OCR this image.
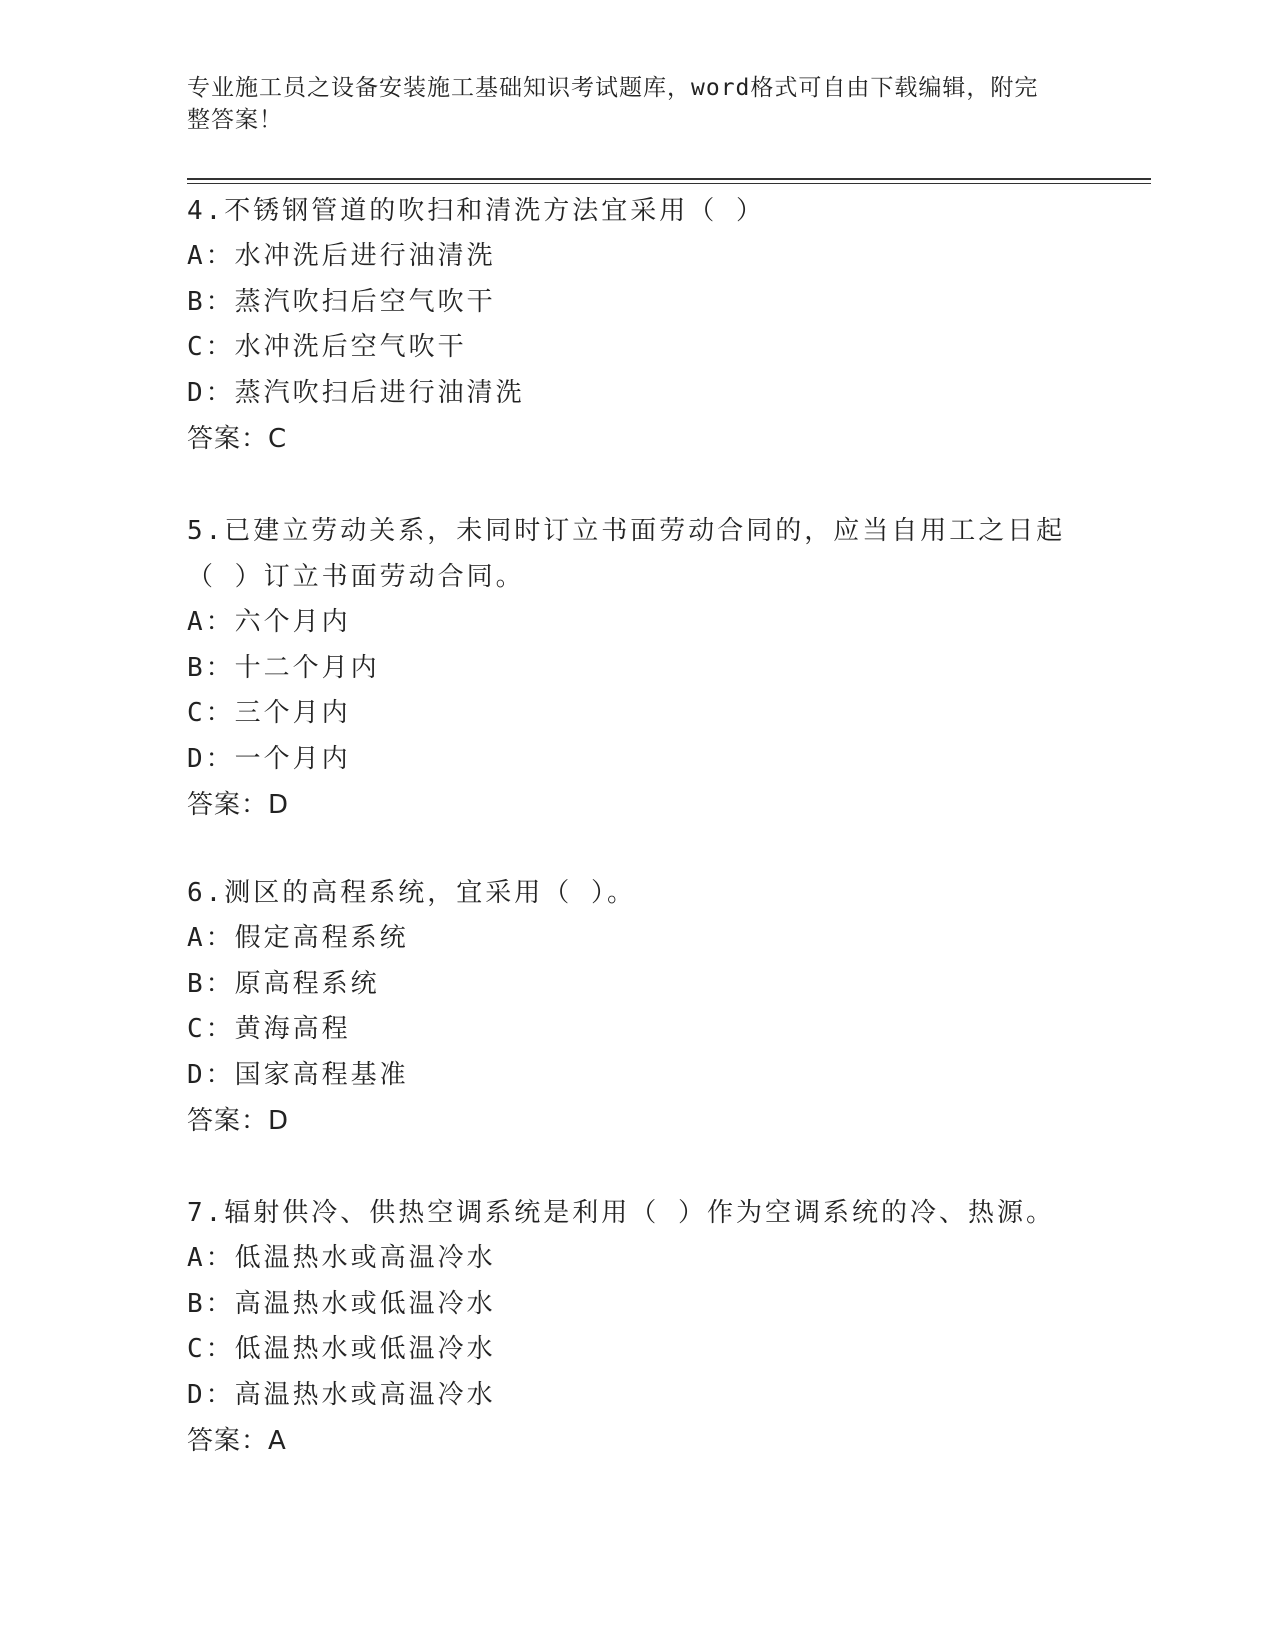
专业施工员之设备安装施工基础知识考试题库，word格式可自由下载编辑，附完
整答案！
4.不锈钢管道的吹扫和清洗方法宜采用（ ）
A：水冲洗后进行油清洗
B：蒸汽吹扫后空气吹干
C：水冲洗后空气吹干
D：蒸汽吹扫后进行油清洗
答案：C
5.已建立劳动关系，未同时订立书面劳动合同的，应当自用工之日起
（ ）订立书面劳动合同。
A：六个月内
B：十二个月内
C：三个月内
D：一个月内
答案：D
6.测区的高程系统，宜采用（ ）。
A：假定高程系统
B：原高程系统
C：黄海高程
D：国家高程基准
答案：D
7.辐射供冷、供热空调系统是利用（ ）作为空调系统的冷、热源。
A：低温热水或高温冷水
B：高温热水或低温冷水
C：低温热水或低温冷水
D：高温热水或高温冷水
答案：A
